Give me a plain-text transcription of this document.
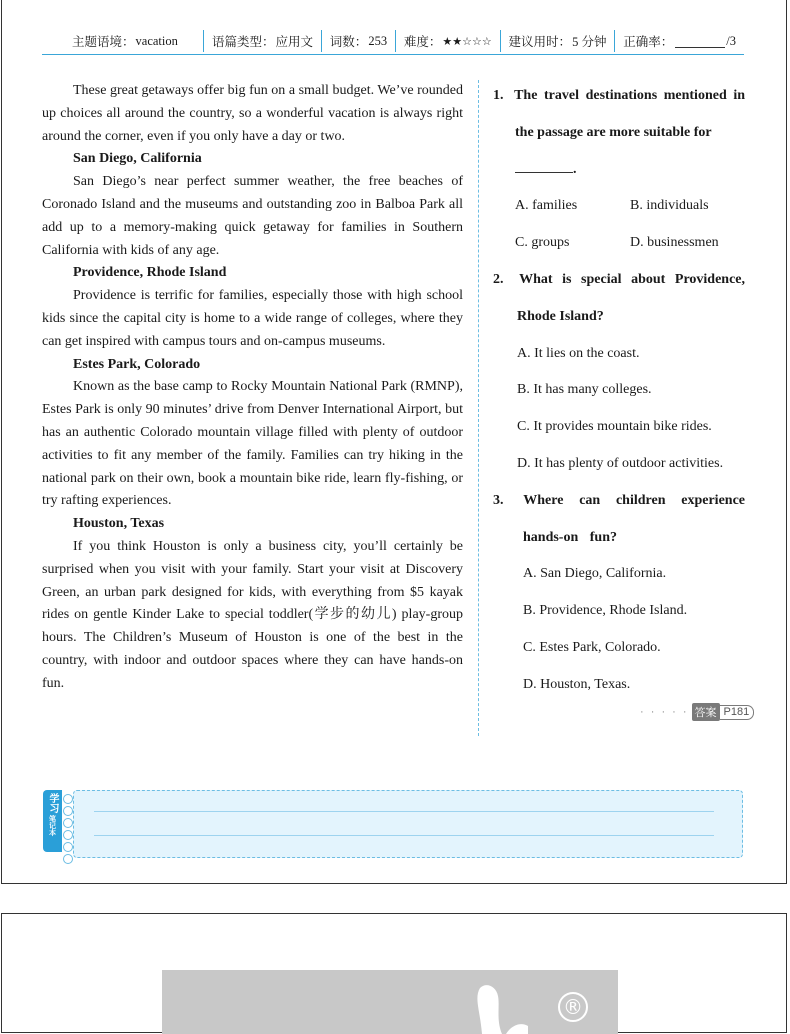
主题语境： vacation	语篇类型： 应用文 词数： 253 难度： ★★☆☆☆ 建议用时： 5 分钟 正确率：	/3

These great getaways offer big fun on a small budget. We’ve rounded up choices all around the country, so a wonderful vacation is always right around the corner, even if you only have a day or two.

San Diego, California

San Diego’s near perfect summer weather, the free beaches of Coronado Island and the museums and outstanding zoo in Balboa Park all add up to a memory-making quick getaway for families in Southern California with kids of any age.

Providence, Rhode Island

Providence is terrific for families, especially those with high school kids since the capital city is home to a wide range of colleges, where they can get inspired with campus tours and on-campus museums.

Estes Park, Colorado

Known as the base camp to Rocky Mountain National Park (RMNP), Estes Park is only 90 minutes’ drive from Denver International Airport, but has an authentic Colorado mountain village filled with plenty of outdoor activities to fit any member of the family. Families can try hiking in the national park on their own, book a mountain bike ride, learn fly-fishing, or try rafting experiences.

Houston, Texas

If you think Houston is only a business city, you’ll certainly be surprised when you visit with your family. Start your visit at Discovery Green, an urban park designed for kids, with everything from $5 kayak rides on gentle Kinder Lake to special toddler(学步的幼儿) play-group hours. The Children’s Museum of Houston is one of the best in the country, with indoor and outdoor spaces where they can have hands-on fun.

1. The travel destinations mentioned in the passage are more suitable for
.
A. families	B. individuals
C. groups	D. businessmen
2. What is special about Providence, Rhode Island?
A. It lies on the coast.
B. It has many colleges.
C. It provides mountain bike rides.
D. It has plenty of outdoor activities.
3. Where can children experience hands-on fun?
A. San Diego, California.
B. Providence, Rhode Island.
C. Estes Park, Colorado.
D. Houston, Texas.
· · · · · 答案 P181
学习
笔记本
®
